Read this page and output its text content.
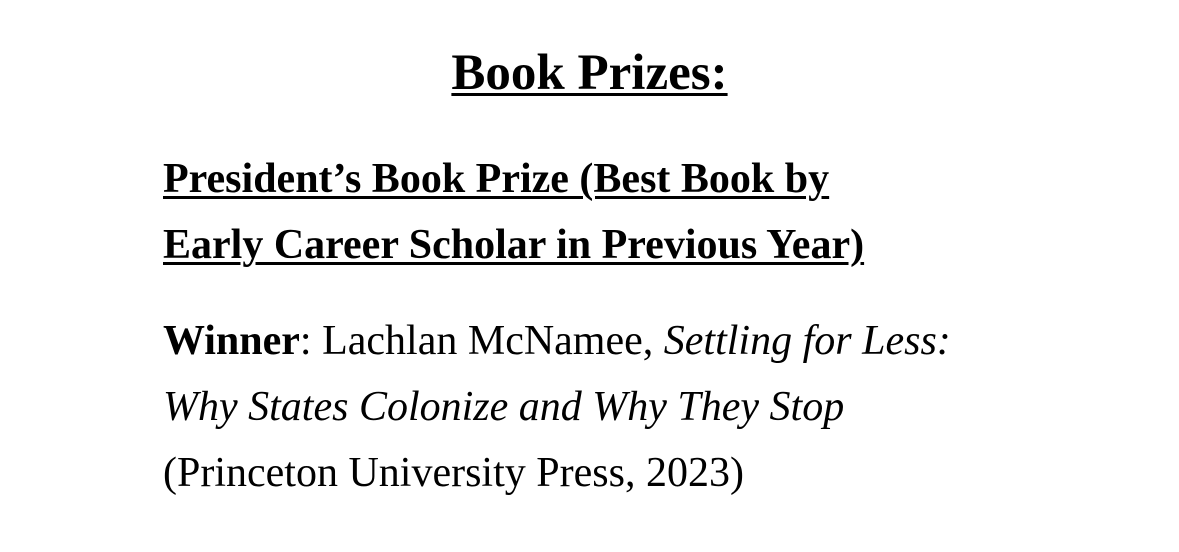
Book Prizes:
President’s Book Prize (Best Book by
Early Career Scholar in Previous Year)

Winner: Lachlan McNamee, Settling for Less: Why States Colonize and Why They Stop (Princeton University Press, 2023)
